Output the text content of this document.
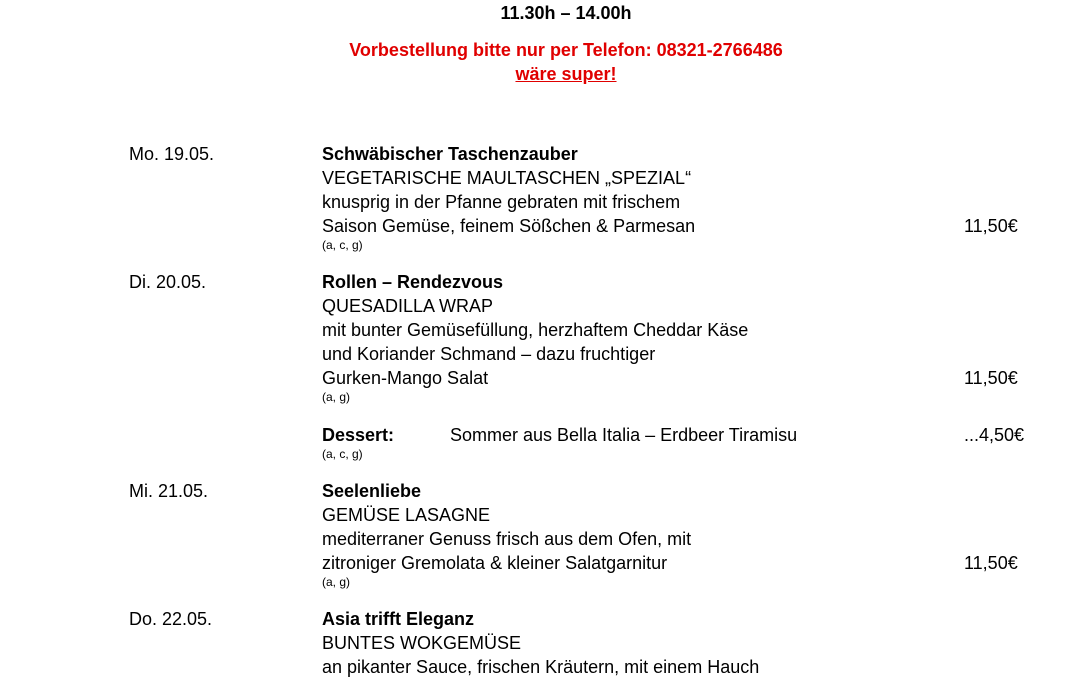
11.30h – 14.00h
Vorbestellung bitte nur per Telefon: 08321-2766486
wäre super!
Mo. 19.05.	Schwäbischer Taschenzauber
VEGETARISCHE MAULTASCHEN „SPEZIAL“
knusprig in der Pfanne gebraten mit frischem
Saison Gemüse, feinem Sößchen & Parmesan
(a, c, g)
11,50€
Di. 20.05.	Rollen – Rendezvous
QUESADILLA WRAP
mit bunter Gemüsefüllung, herzhaftem Cheddar Käse
und Koriander Schmand – dazu fruchtiger
Gurken-Mango Salat
(a, g)
11,50€
Dessert:	Sommer aus Bella Italia – Erdbeer Tiramisu	...4,50€
(a, c, g)
Mi. 21.05.	Seelenliebe
GEMÜSE LASAGNE
mediterraner Genuss frisch aus dem Ofen, mit
zitroniger Gremolata & kleiner Salatgarnitur
(a, g)
11,50€
Do. 22.05.	Asia trifft Eleganz
BUNTES WOKGEMÜSE
an pikanter Sauce, frischen Kräutern, mit einem Hauch
